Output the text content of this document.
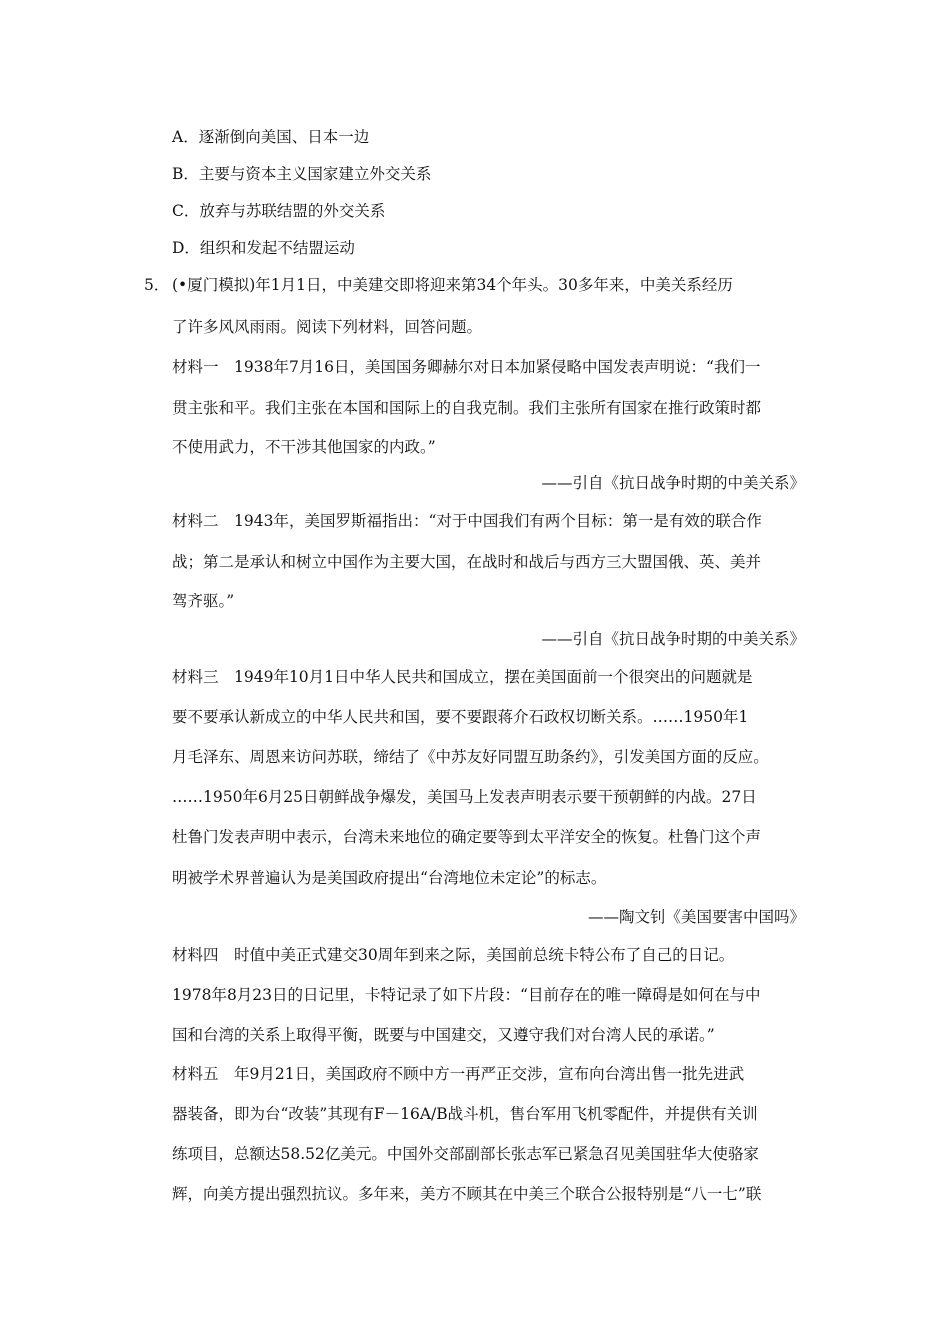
A．逐渐倒向美国、日本一边
B．主要与资本主义国家建立外交关系
C．放弃与苏联结盟的外交关系
D．组织和发起不结盟运动
5． (•厦门模拟)年1月1日，中美建交即将迎来第34个年头。30多年来，中美关系经历
了许多风风雨雨。阅读下列材料，回答问题。
材料一　1938年7月16日，美国国务卿赫尔对日本加紧侵略中国发表声明说：“我们一
贯主张和平。我们主张在本国和国际上的自我克制。我们主张所有国家在推行政策时都
不使用武力，不干涉其他国家的内政。”
——引自《抗日战争时期的中美关系》
材料二　1943年，美国罗斯福指出：“对于中国我们有两个目标：第一是有效的联合作
战；第二是承认和树立中国作为主要大国，在战时和战后与西方三大盟国俄、英、美并
驾齐驱。”
——引自《抗日战争时期的中美关系》
材料三　1949年10月1日中华人民共和国成立，摆在美国面前一个很突出的问题就是
要不要承认新成立的中华人民共和国，要不要跟蒋介石政权切断关系。……1950年1
月毛泽东、周恩来访问苏联，缔结了《中苏友好同盟互助条约》，引发美国方面的反应。
……1950年6月25日朝鲜战争爆发，美国马上发表声明表示要干预朝鲜的内战。27日
杜鲁门发表声明中表示，台湾未来地位的确定要等到太平洋安全的恢复。杜鲁门这个声
明被学术界普遍认为是美国政府提出“台湾地位未定论”的标志。
——陶文钊《美国要害中国吗》
材料四　时值中美正式建交30周年到来之际，美国前总统卡特公布了自己的日记。
1978年8月23日的日记里，卡特记录了如下片段：“目前存在的唯一障碍是如何在与中
国和台湾的关系上取得平衡，既要与中国建交，又遵守我们对台湾人民的承诺。”
材料五　年9月21日，美国政府不顾中方一再严正交涉，宣布向台湾出售一批先进武
器装备，即为台“改装”其现有F－16A/B战斗机，售台军用飞机零配件，并提供有关训
练项目，总额达58.52亿美元。中国外交部副部长张志军已紧急召见美国驻华大使骆家
辉，向美方提出强烈抗议。多年来，美方不顾其在中美三个联合公报特别是“八一七”联
